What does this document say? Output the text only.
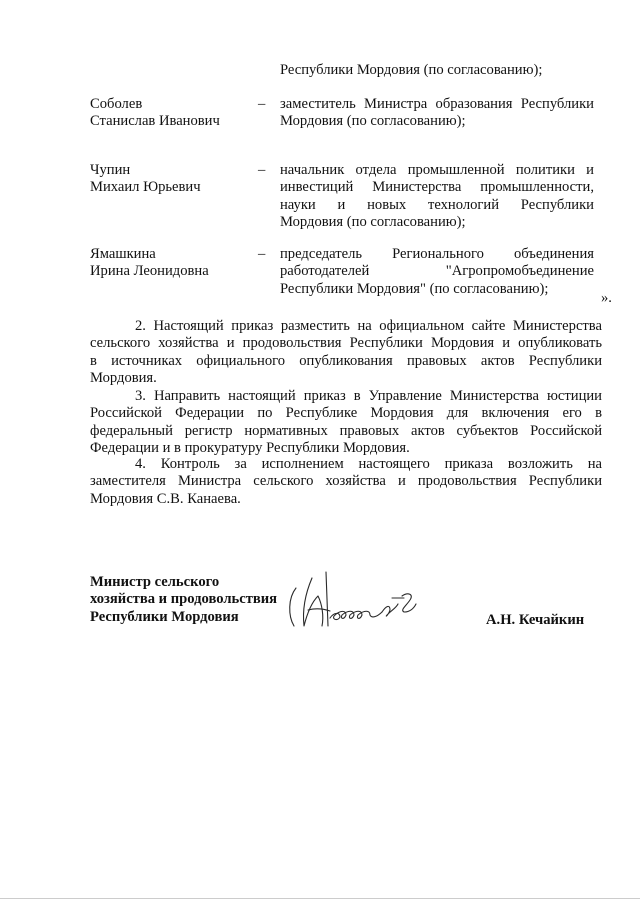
Республики Мордовия (по согласованию);

Соболев
Станислав Иванович
– заместитель Министра образования Республики
Мордовия (по согласованию);
Чупин
Михаил Юрьевич
– начальник отдела промышленной политики и
инвестиций Министерства промышленности,
науки и новых технологий Республики
Мордовия (по согласованию);
Ямашкина
Ирина Леонидовна
– председатель Регионального объединения
работодателей "Агропромобъединение
Республики Мордовия" (по согласованию);
».
2. Настоящий приказ разместить на официальном сайте Министерства
сельского хозяйства и продовольствия Республики Мордовия и опубликовать
в источниках официального опубликования правовых актов Республики
Мордовия.
3. Направить настоящий приказ в Управление Министерства юстиции
Российской Федерации по Республике Мордовия для включения его в
федеральный регистр нормативных правовых актов субъектов Российской
Федерации и в прокуратуру Республики Мордовия.
4. Контроль за исполнением настоящего приказа возложить на
заместителя Министра сельского хозяйства и продовольствия Республики
Мордовия С.В. Канаева.
Министр сельского
хозяйства и продовольствия
Республики Мордовия	А.Н. Кечайкин
